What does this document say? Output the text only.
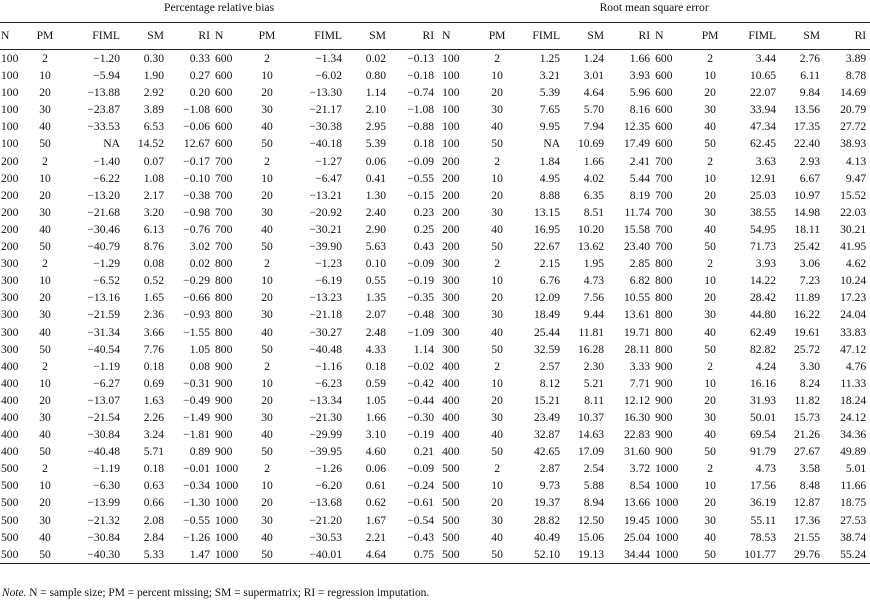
Percentage relative bias										Root mean square error									
N	PM	FIML	SM	RI	N	PM	FIML	SM	RI	N	PM	FIML	SM	RI	N	PM	FIML	SM	RI
100	2	−1.20	0.30	0.33	600	2	−1.34	0.02	−0.13	100	2	1.25	1.24	1.66	600	2	3.44	2.76	3.89
100	10	−5.94	1.90	0.27	600	10	−6.02	0.80	−0.18	100	10	3.21	3.01	3.93	600	10	10.65	6.11	8.78
100	20	−13.88	2.92	0.20	600	20	−13.30	1.14	−0.74	100	20	5.39	4.64	5.96	600	20	22.07	9.84	14.69
100	30	−23.87	3.89	−1.08	600	30	−21.17	2.10	−1.08	100	30	7.65	5.70	8.16	600	30	33.94	13.56	20.79
100	40	−33.53	6.53	−0.06	600	40	−30.38	2.95	−0.88	100	40	9.95	7.94	12.35	600	40	47.34	17.35	27.72
100	50	NA	14.52	12.67	600	50	−40.18	5.39	0.18	100	50	NA	10.69	17.49	600	50	62.45	22.40	38.93
200	2	−1.40	0.07	−0.17	700	2	−1.27	0.06	−0.09	200	2	1.84	1.66	2.41	700	2	3.63	2.93	4.13
200	10	−6.22	1.08	−0.10	700	10	−6.47	0.41	−0.55	200	10	4.95	4.02	5.44	700	10	12.91	6.67	9.47
200	20	−13.20	2.17	−0.38	700	20	−13.21	1.30	−0.15	200	20	8.88	6.35	8.19	700	20	25.03	10.97	15.52
200	30	−21.68	3.20	−0.98	700	30	−20.92	2.40	0.23	200	30	13.15	8.51	11.74	700	30	38.55	14.98	22.03
200	40	−30.46	6.13	−0.76	700	40	−30.21	2.90	0.25	200	40	16.95	10.20	15.58	700	40	54.95	18.11	30.21
200	50	−40.79	8.76	3.02	700	50	−39.90	5.63	0.43	200	50	22.67	13.62	23.40	700	50	71.73	25.42	41.95
300	2	−1.29	0.08	0.02	800	2	−1.23	0.10	−0.09	300	2	2.15	1.95	2.85	800	2	3.93	3.06	4.62
300	10	−6.52	0.52	−0.29	800	10	−6.19	0.55	−0.19	300	10	6.76	4.73	6.82	800	10	14.22	7.23	10.24
300	20	−13.16	1.65	−0.66	800	20	−13.23	1.35	−0.35	300	20	12.09	7.56	10.55	800	20	28.42	11.89	17.23
300	30	−21.59	2.36	−0.93	800	30	−21.18	2.07	−0.48	300	30	18.49	9.44	13.61	800	30	44.80	16.22	24.04
300	40	−31.34	3.66	−1.55	800	40	−30.27	2.48	−1.09	300	40	25.44	11.81	19.71	800	40	62.49	19.61	33.83
300	50	−40.54	7.76	1.05	800	50	−40.48	4.33	1.14	300	50	32.59	16.28	28.11	800	50	82.82	25.72	47.12
400	2	−1.19	0.18	0.08	900	2	−1.16	0.18	−0.02	400	2	2.57	2.30	3.33	900	2	4.24	3.30	4.76
400	10	−6.27	0.69	−0.31	900	10	−6.23	0.59	−0.42	400	10	8.12	5.21	7.71	900	10	16.16	8.24	11.33
400	20	−13.07	1.63	−0.49	900	20	−13.34	1.05	−0.44	400	20	15.21	8.11	12.12	900	20	31.93	11.82	18.24
400	30	−21.54	2.26	−1.49	900	30	−21.30	1.66	−0.30	400	30	23.49	10.37	16.30	900	30	50.01	15.73	24.12
400	40	−30.84	3.24	−1.81	900	40	−29.99	3.10	−0.19	400	40	32.87	14.63	22.83	900	40	69.54	21.26	34.36
400	50	−40.48	5.71	0.89	900	50	−39.95	4.60	0.21	400	50	42.65	17.09	31.60	900	50	91.79	27.67	49.89
500	2	−1.19	0.18	−0.01	1000	2	−1.26	0.06	−0.09	500	2	2.87	2.54	3.72	1000	2	4.73	3.58	5.01
500	10	−6.30	0.63	−0.34	1000	10	−6.20	0.61	−0.24	500	10	9.73	5.88	8.54	1000	10	17.56	8.48	11.66
500	20	−13.99	0.66	−1.30	1000	20	−13.68	0.62	−0.61	500	20	19.37	8.94	13.66	1000	20	36.19	12.87	18.75
500	30	−21.32	2.08	−0.55	1000	30	−21.20	1.67	−0.54	500	30	28.82	12.50	19.45	1000	30	55.11	17.36	27.53
500	40	−30.84	2.84	−1.26	1000	40	−30.53	2.21	−0.43	500	40	40.49	15.06	25.04	1000	40	78.53	21.55	38.74
500	50	−40.30	5.33	1.47	1000	50	−40.01	4.64	0.75	500	50	52.10	19.13	34.44	1000	50	101.77	29.76	55.24
Note. N = sample size; PM = percent missing; SM = supermatrix; RI = regression imputation.
